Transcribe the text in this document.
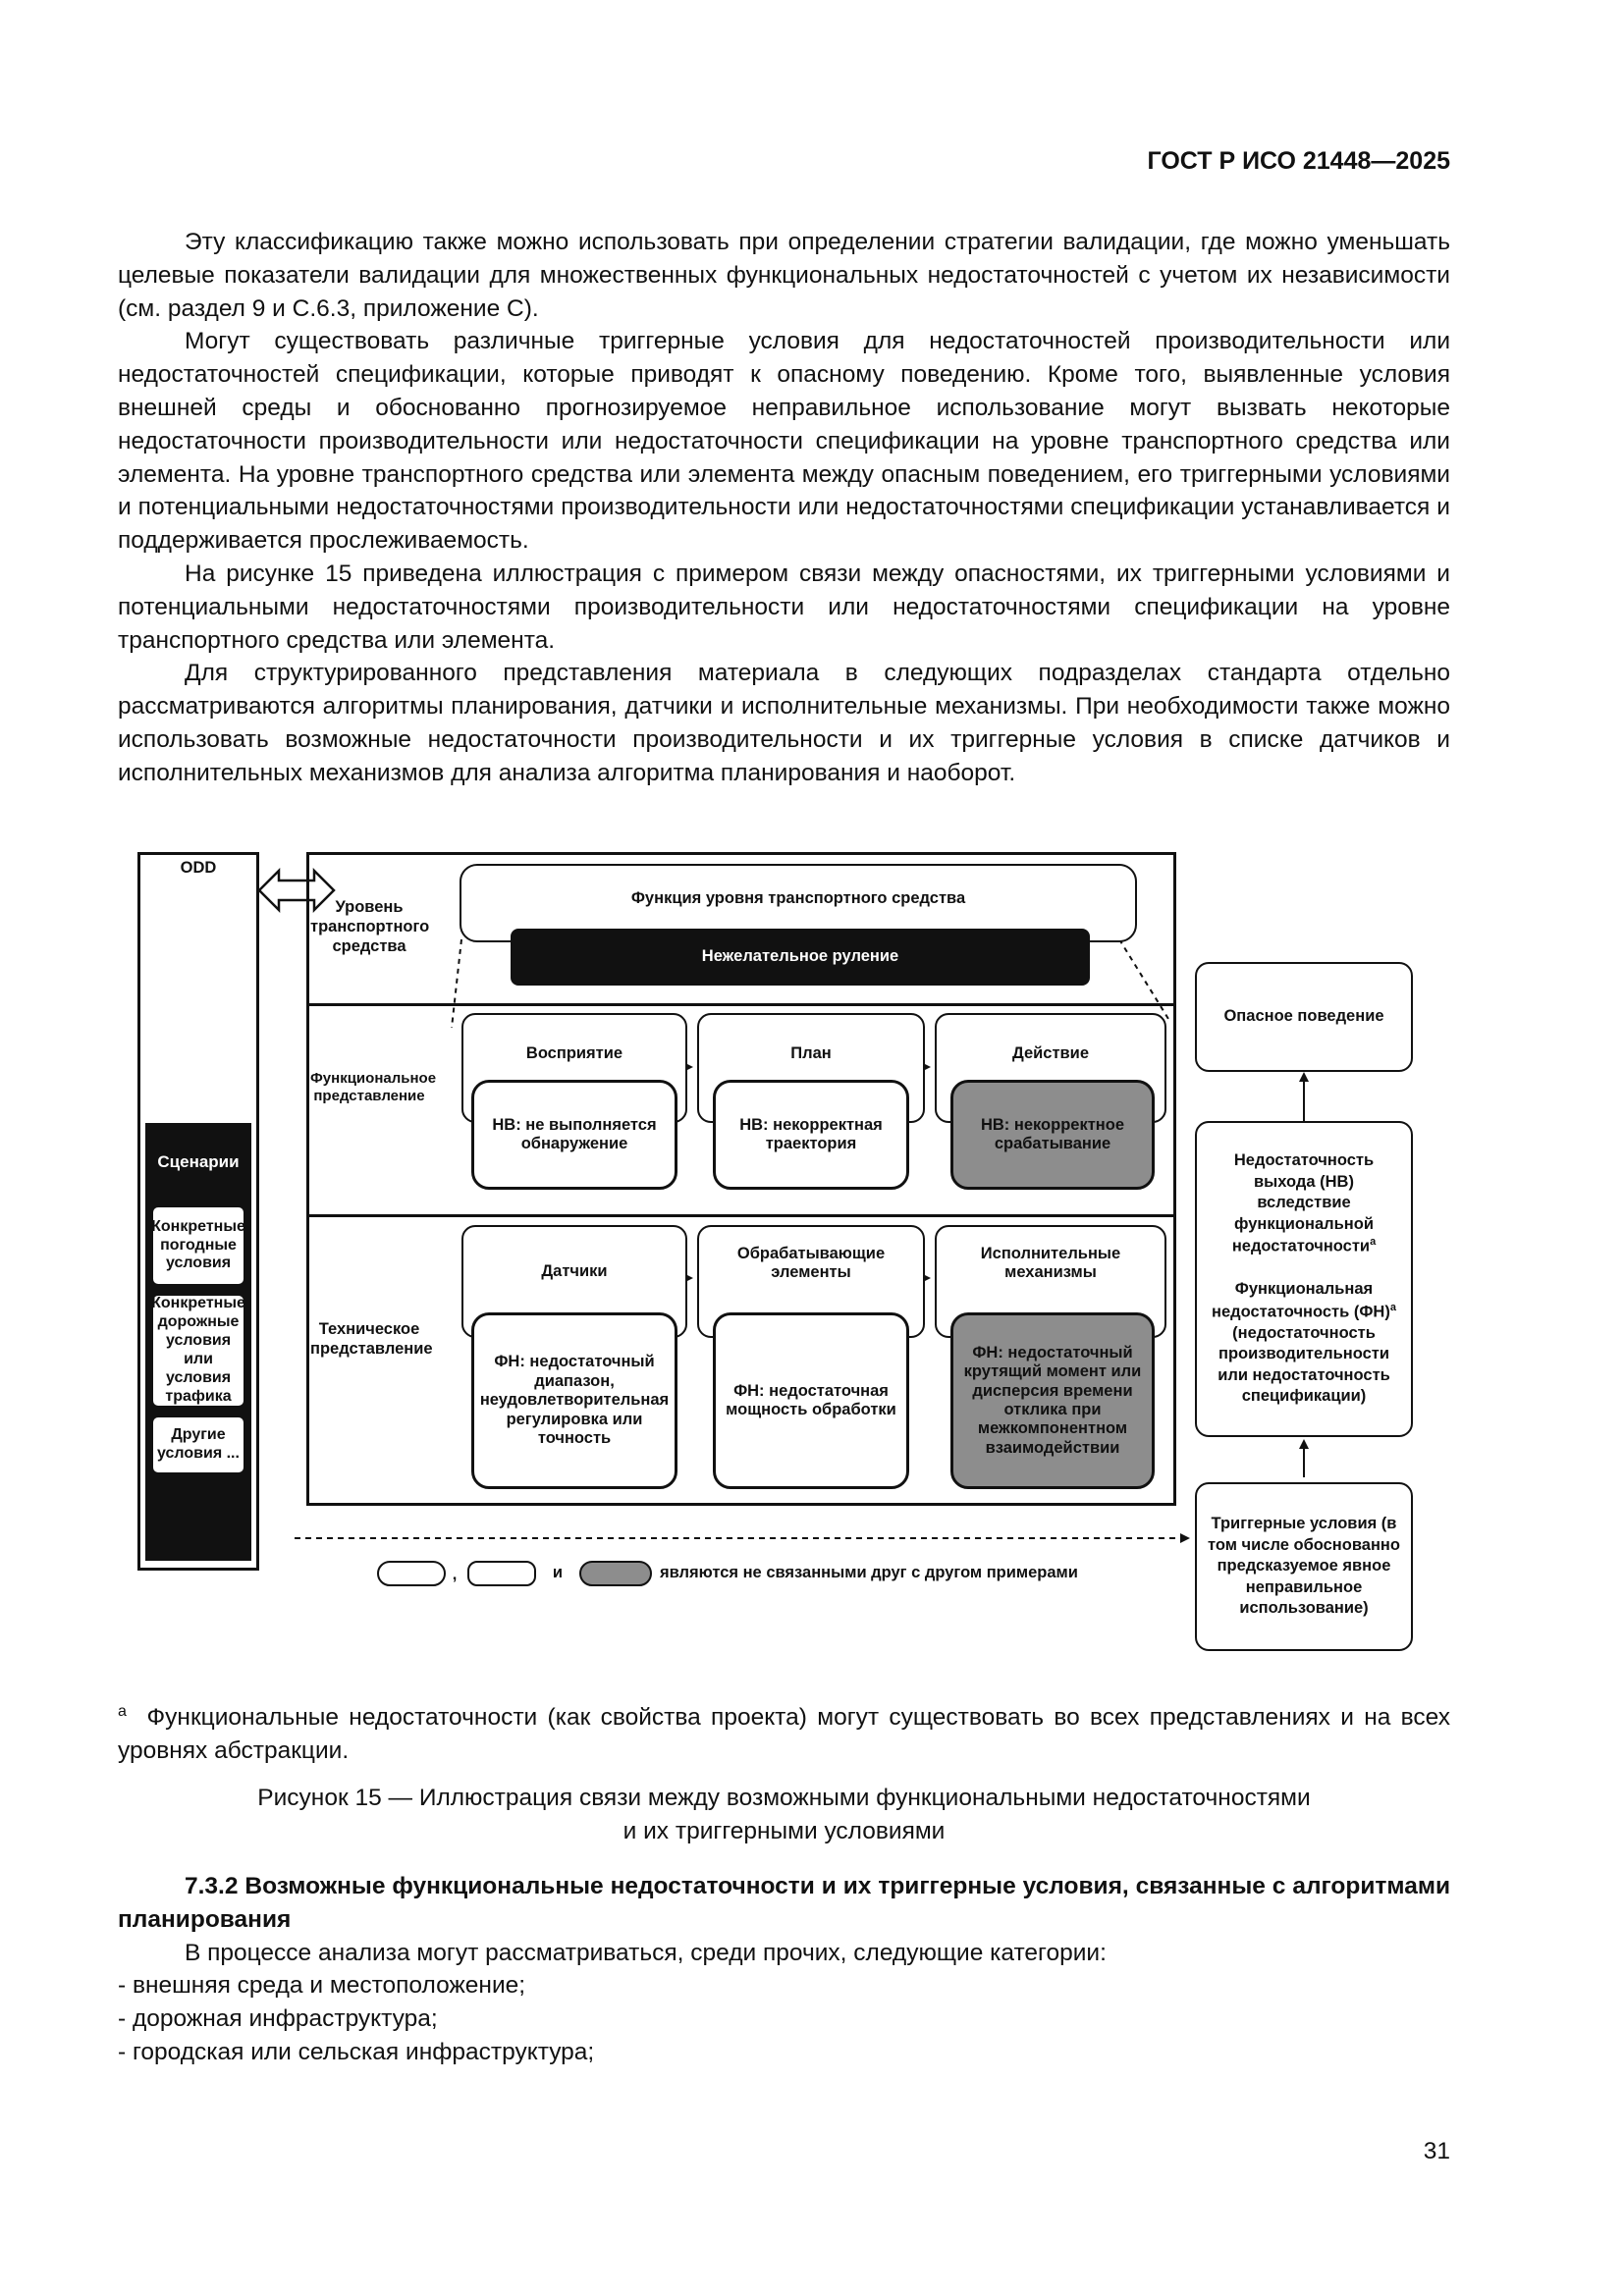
ГОСТ Р ИСО 21448—2025

Эту классификацию также можно использовать при определении стратегии валидации, где можно уменьшать целевые показатели валидации для множественных функциональных недостаточностей с учетом их независимости (см. раздел 9 и С.6.3, приложение С).

Могут существовать различные триггерные условия для недостаточностей производительности или недостаточностей спецификации, которые приводят к опасному поведению. Кроме того, выявленные условия внешней среды и обоснованно прогнозируемое неправильное использование могут вызвать некоторые недостаточности производительности или недостаточности спецификации на уровне транспортного средства или элемента. На уровне транспортного средства или элемента между опасным поведением, его триггерными условиями и потенциальными недостаточностями производительности или недостаточностями спецификации устанавливается и поддерживается прослеживаемость.

На рисунке 15 приведена иллюстрация с примером связи между опасностями, их триггерными условиями и потенциальными недостаточностями производительности или недостаточностями спецификации на уровне транспортного средства или элемента.

Для структурированного представления материала в следующих подразделах стандарта отдельно рассматриваются алгоритмы планирования, датчики и исполнительные механизмы. При необходимости также можно использовать возможные недостаточности производительности и их триггерные условия в списке датчиков и исполнительных механизмов для анализа алгоритма планирования и наоборот.

ODD
Сценарии
Конкретные погодные условия
Конкретные дорожные условия или условия трафика
Другие условия ...
Уровень транспортного средства
Функциональное представление
Техническое представление
Функция уровня транспортного средства
Нежелательное руление
Восприятие	План	Действие
НВ: не выполняется обнаружение
НВ: некорректная траектория
НВ: некорректное срабатывание
Датчики
Обрабатывающие элементы
Исполнительные механизмы
ФН: недостаточный диапазон, неудовлетворительная регулировка или точность
ФН: недостаточная мощность обработки
ФН: недостаточный крутящий момент или дисперсия времени отклика при межкомпонентном взаимодействии
Опасное поведение
Недостаточность выхода (НВ) вследствие функциональной недостаточности$^a$
Функциональная недостаточность (ФН)$^a$ (недостаточность производительности или недостаточность спецификации)
Триггерные условия (в том числе обоснованно предсказуемое явное неправильное использование)
,	и	являются не связанными друг с другом примерами
$^a$ Функциональные недостаточности (как свойства проекта) могут существовать во всех представлениях и на всех уровнях абстракции.
Рисунок 15 — Иллюстрация связи между возможными функциональными недостаточностями
и их триггерными условиями

7.3.2 Возможные функциональные недостаточности и их триггерные условия, связанные с алгоритмами планирования

В процессе анализа могут рассматриваться, среди прочих, следующие категории:

- внешняя среда и местоположение;

- дорожная инфраструктура;

- городская или сельская инфраструктура;

31
